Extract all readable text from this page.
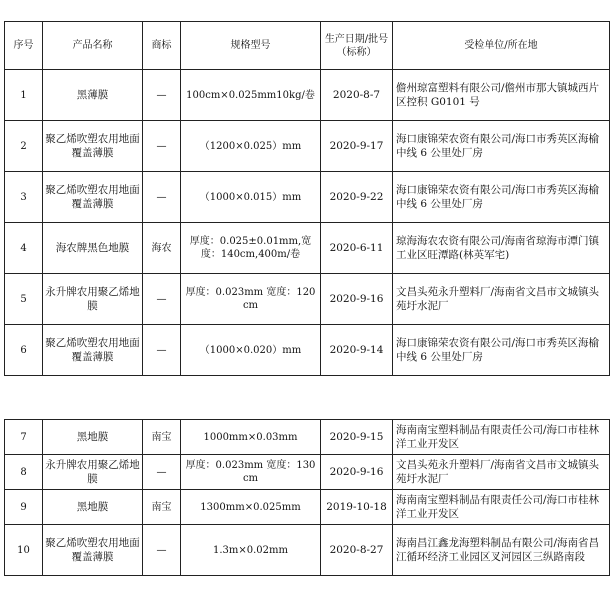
序号	产品名称	商标	规格型号	生产日期/批号（标称）	受检单位/所在地
1	黑薄膜	—	100cm×0.025mm10kg/卷	2020-8-7	儋州琼富塑料有限公司/儋州市那大镇城西片区控积 G0101 号
2	聚乙烯吹塑农用地面覆盖薄膜	—	（1200×0.025）mm	2020-9-17	海口康锦荣农资有限公司/海口市秀英区海榆中线 6 公里处厂房
3	聚乙烯吹塑农用地面覆盖薄膜	—	（1000×0.015）mm	2020-9-22	海口康锦荣农资有限公司/海口市秀英区海榆中线 6 公里处厂房
4	海农牌黑色地膜	海农	厚度：0.025±0.01mm,宽度：140cm,400m/卷	2020-6-11	琼海海农农资有限公司/海南省琼海市潭门镇工业区旺潭路(林英军宅)
5	永升牌农用聚乙烯地膜	—	厚度：0.023mm 宽度：120cm	2020-9-16	文昌头苑永升塑料厂/海南省文昌市文城镇头苑圩水泥厂
6	聚乙烯吹塑农用地面覆盖薄膜	—	（1000×0.020）mm	2020-9-14	海口康锦荣农资有限公司/海口市秀英区海榆中线 6 公里处厂房
7	黑地膜	南宝	1000mm×0.03mm	2020-9-15	海南南宝塑料制品有限责任公司/海口市桂林洋工业开发区
8	永升牌农用聚乙烯地膜	—	厚度：0.023mm 宽度：130cm	2020-9-16	文昌头苑永升塑料厂/海南省文昌市文城镇头苑圩水泥厂
9	黑地膜	南宝	1300mm×0.025mm	2019-10-18	海南南宝塑料制品有限责任公司/海口市桂林洋工业开发区
10	聚乙烯吹塑农用地面覆盖薄膜	—	1.3m×0.02mm	2020-8-27	海南昌江鑫龙海塑料制品有限公司/海南省昌江循环经济工业园区叉河园区三纵路南段
